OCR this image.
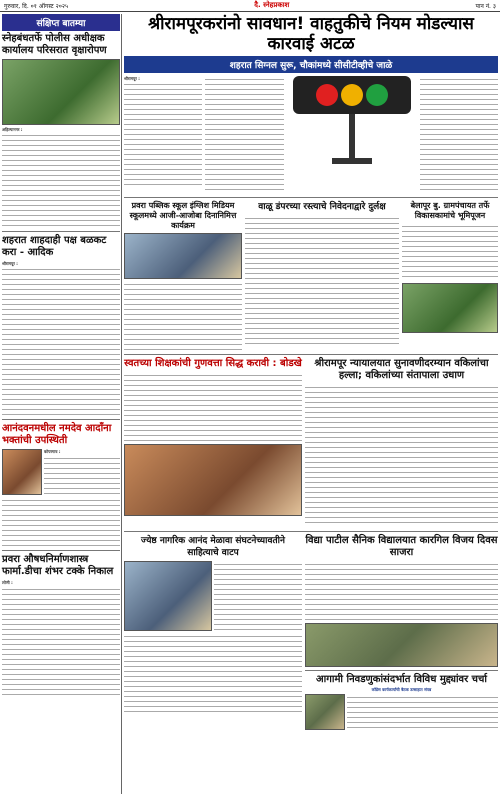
गुरुवार, दि. ०१ ऑगस्ट २०२५	दै. स्नेहप्रकाश	पान नं. ३
संक्षिप्त बातम्या
स्नेहबंधतर्फे पोलीस अधीक्षक कार्यालय परिसरात वृक्षारोपण
अहिल्यानगर :
शहरात शाहदाही पक्ष बळकट करा - आदिक
श्रीरामपूर :
आनंदवनमधील नमदेव आदाँना भक्तांची उपस्थिती
कोपरगाव :
प्रवरा औषधनिर्माणशास्त्र फार्मा.डीचा शंभर टक्के निकाल
लोणी :
श्रीरामपूरकरांनो सावधान! वाहतुकीचे नियम मोडल्यास कारवाई अटळ
शहरात सिग्नल सुरू, चौकांमध्ये सीसीटीव्हीचे जाळे
श्रीरामपूर :
प्रवरा पब्लिक स्कूल इंग्लिश मिडियम स्कूलमध्ये आजी-आजोबा दिनानिमित्त कार्यक्रम
वाळू डंपरच्या रस्त्याचे निवेदनाद्वारे दुर्लक्ष	बेलापूर बु. ग्रामपंचायत तर्फे विकासकामांचे भूमिपूजन
स्वतच्या शिक्षकांची गुणवत्ता सिद्ध करावी : बोडखे	श्रीरामपूर न्यायालयात सुनावणीदरम्यान वकिलांचा हल्ला; वकिलांच्या संतापाला उधाण
ज्येष्ठ नागरिक आनंद मेळावा संघटनेच्यावतीने साहित्याचे वाटप
विद्या पाटील सैनिक विद्यालयात कारगिल विजय दिवस साजरा
आगामी निवडणुकांसंदर्भात विविध मुद्द्यांवर चर्चा
कॉग्रेस कार्यकर्त्यांची बैठक उत्साहात संपन्न
